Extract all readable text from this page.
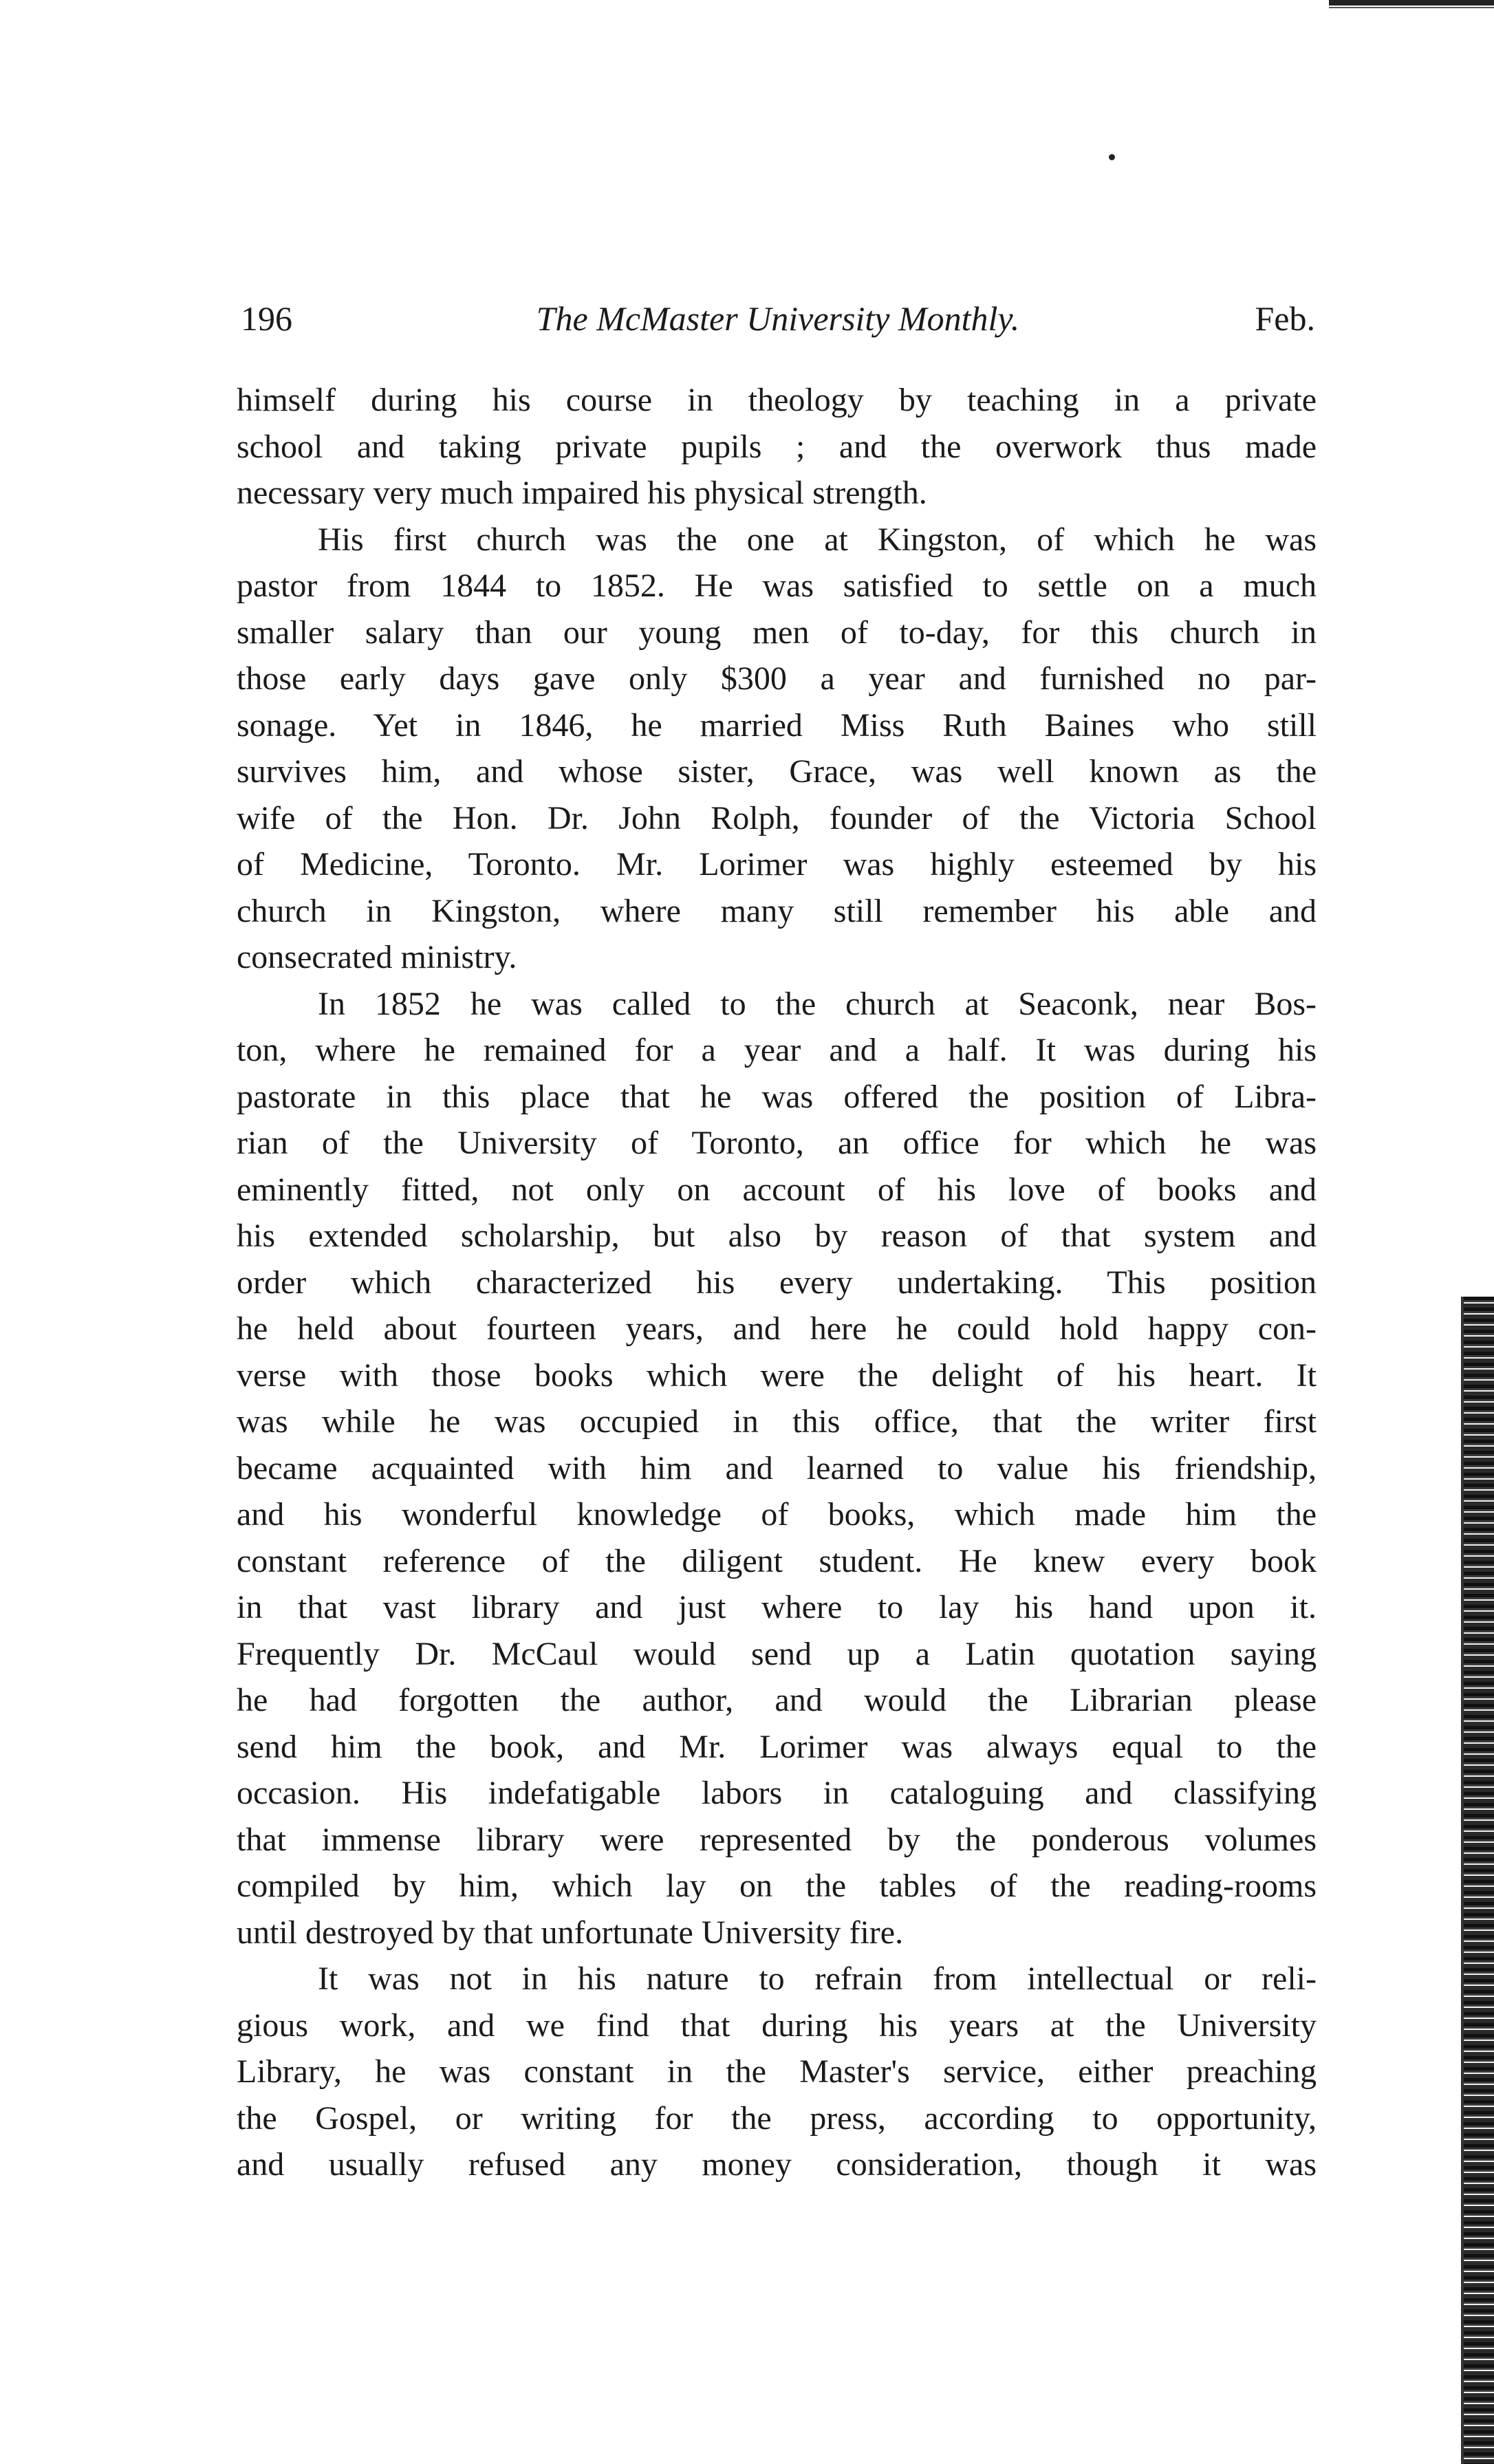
196	The McMaster University Monthly.	Feb.
himself during his course in theology by teaching in a private
school and taking private pupils ; and the overwork thus made
necessary very much impaired his physical strength.
His first church was the one at Kingston, of which he was
pastor from 1844 to 1852. He was satisfied to settle on a much
smaller salary than our young men of to-day, for this church in
those early days gave only $300 a year and furnished no par-
sonage. Yet in 1846, he married Miss Ruth Baines who still
survives him, and whose sister, Grace, was well known as the
wife of the Hon. Dr. John Rolph, founder of the Victoria School
of Medicine, Toronto. Mr. Lorimer was highly esteemed by his
church in Kingston, where many still remember his able and
consecrated ministry.
In 1852 he was called to the church at Seaconk, near Bos-
ton, where he remained for a year and a half. It was during his
pastorate in this place that he was offered the position of Libra-
rian of the University of Toronto, an office for which he was
eminently fitted, not only on account of his love of books and
his extended scholarship, but also by reason of that system and
order which characterized his every undertaking. This position
he held about fourteen years, and here he could hold happy con-
verse with those books which were the delight of his heart. It
was while he was occupied in this office, that the writer first
became acquainted with him and learned to value his friendship,
and his wonderful knowledge of books, which made him the
constant reference of the diligent student. He knew every book
in that vast library and just where to lay his hand upon it.
Frequently Dr. McCaul would send up a Latin quotation saying
he had forgotten the author, and would the Librarian please
send him the book, and Mr. Lorimer was always equal to the
occasion. His indefatigable labors in cataloguing and classifying
that immense library were represented by the ponderous volumes
compiled by him, which lay on the tables of the reading-rooms
until destroyed by that unfortunate University fire.
It was not in his nature to refrain from intellectual or reli-
gious work, and we find that during his years at the University
Library, he was constant in the Master's service, either preaching
the Gospel, or writing for the press, according to opportunity,
and usually refused any money consideration, though it was
